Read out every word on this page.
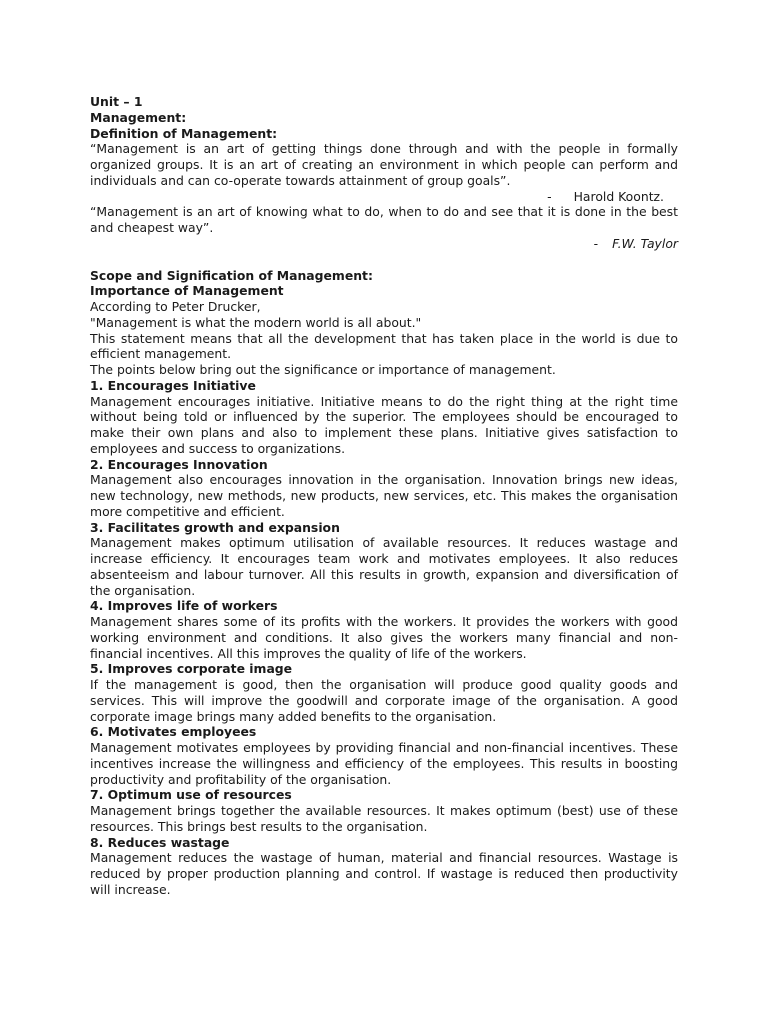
Unit – 1
Management:
Definition of Management:

“Management is an art of getting things done through and with the people in formally organized groups. It is an art of creating an environment in which people can perform and individuals and can co-operate towards attainment of group goals”.

- Harold Koontz.

“Management is an art of knowing what to do, when to do and see that it is done in the best and cheapest way”.

- F.W. Taylor
Scope and Signification of Management:
Importance of Management

According to Peter Drucker,

"Management is what the modern world is all about."

This statement means that all the development that has taken place in the world is due to efficient management.

The points below bring out the significance or importance of management.

1. Encourages Initiative

Management encourages initiative. Initiative means to do the right thing at the right time without being told or influenced by the superior. The employees should be encouraged to make their own plans and also to implement these plans. Initiative gives satisfaction to employees and success to organizations.

2. Encourages Innovation

Management also encourages innovation in the organisation. Innovation brings new ideas, new technology, new methods, new products, new services, etc. This makes the organisation more competitive and efficient.

3. Facilitates growth and expansion

Management makes optimum utilisation of available resources. It reduces wastage and increase efficiency. It encourages team work and motivates employees. It also reduces absenteeism and labour turnover. All this results in growth, expansion and diversification of the organisation.

4. Improves life of workers

Management shares some of its profits with the workers. It provides the workers with good working environment and conditions. It also gives the workers many financial and non-financial incentives. All this improves the quality of life of the workers.

5. Improves corporate image

If the management is good, then the organisation will produce good quality goods and services. This will improve the goodwill and corporate image of the organisation. A good corporate image brings many added benefits to the organisation.

6. Motivates employees

Management motivates employees by providing financial and non-financial incentives. These incentives increase the willingness and efficiency of the employees. This results in boosting productivity and profitability of the organisation.

7. Optimum use of resources

Management brings together the available resources. It makes optimum (best) use of these resources. This brings best results to the organisation.

8. Reduces wastage

Management reduces the wastage of human, material and financial resources. Wastage is reduced by proper production planning and control. If wastage is reduced then productivity will increase.
